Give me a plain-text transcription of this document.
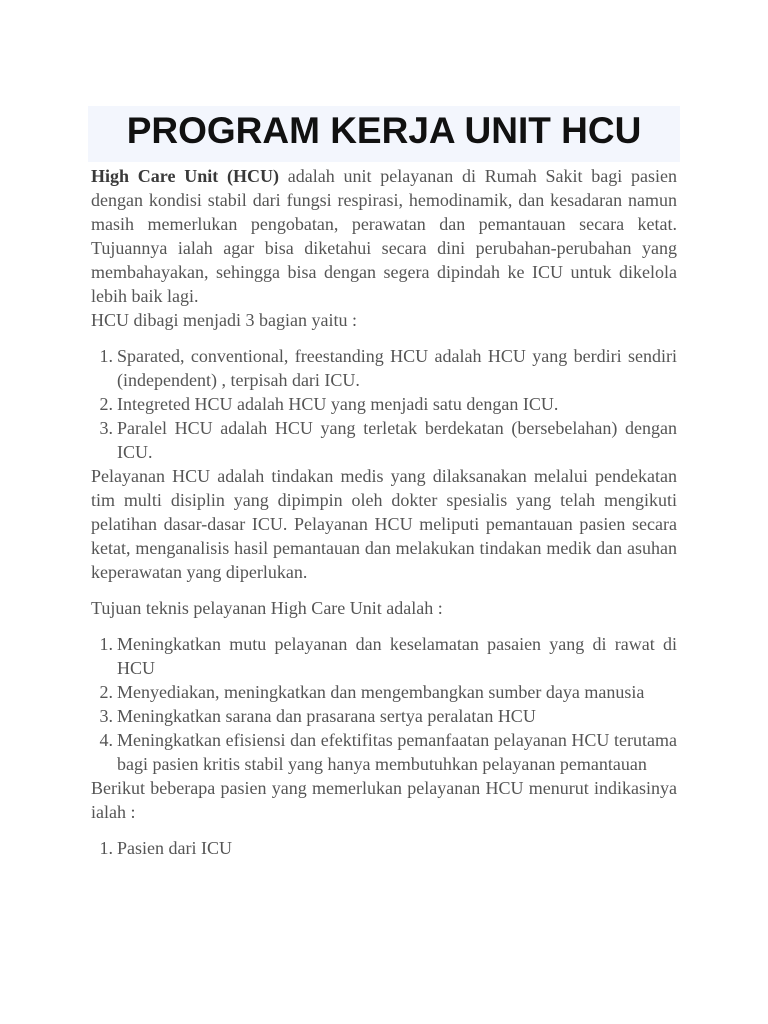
PROGRAM KERJA UNIT HCU

High Care Unit (HCU) adalah unit pelayanan di Rumah Sakit bagi pasien dengan kondisi stabil dari fungsi respirasi, hemodinamik, dan kesadaran namun masih memerlukan pengobatan, perawatan dan pemantauan secara ketat. Tujuannya ialah agar bisa diketahui secara dini perubahan-perubahan yang membahayakan, sehingga bisa dengan segera dipindah ke ICU untuk dikelola lebih baik lagi.

HCU dibagi menjadi 3 bagian yaitu :

1. Sparated, conventional, freestanding HCU adalah HCU yang berdiri sendiri (independent) , terpisah dari ICU.
2. Integreted HCU adalah HCU yang menjadi satu dengan ICU.
3. Paralel HCU adalah HCU yang terletak berdekatan (bersebelahan) dengan ICU.

Pelayanan HCU adalah tindakan medis yang dilaksanakan melalui pendekatan tim multi disiplin yang dipimpin oleh dokter spesialis yang telah mengikuti pelatihan dasar-dasar ICU. Pelayanan HCU meliputi pemantauan pasien secara ketat, menganalisis hasil pemantauan dan melakukan tindakan medik dan asuhan keperawatan yang diperlukan.

Tujuan teknis pelayanan High Care Unit adalah :

1. Meningkatkan mutu pelayanan dan keselamatan pasaien yang di rawat di HCU
2. Menyediakan, meningkatkan dan mengembangkan sumber daya manusia
3. Meningkatkan sarana dan prasarana sertya peralatan HCU
4. Meningkatkan efisiensi dan efektifitas pemanfaatan pelayanan HCU terutama bagi pasien kritis stabil yang hanya membutuhkan pelayanan pemantauan

Berikut beberapa pasien yang memerlukan pelayanan HCU menurut indikasinya ialah :

1. Pasien dari ICU
